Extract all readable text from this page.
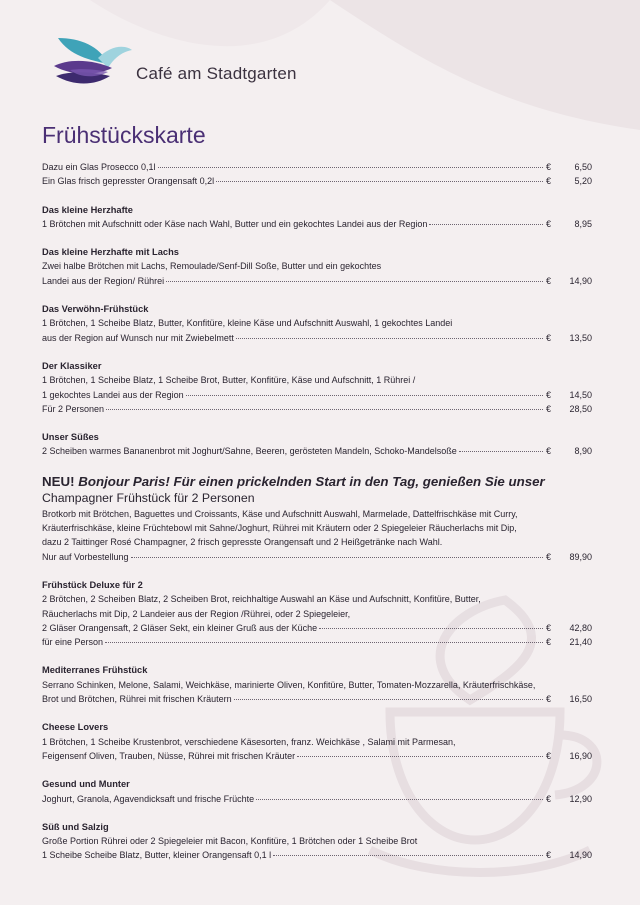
Café am Stadtgarten
Frühstückskarte
Dazu ein Glas Prosecco 0,1l	€	6,50
Ein Glas frisch gepresster Orangensaft 0,2l	€	5,20
Das kleine Herzhafte
1 Brötchen mit Aufschnitt oder Käse nach Wahl, Butter und ein gekochtes Landei aus der Region	€	8,95
Das kleine Herzhafte mit Lachs
Zwei halbe Brötchen mit Lachs, Remoulade/Senf-Dill Soße, Butter und ein gekochtes
Landei aus der Region/ Rührei	€	14,90
Das Verwöhn-Frühstück
1 Brötchen, 1 Scheibe Blatz, Butter, Konfitüre, kleine Käse und Aufschnitt Auswahl, 1 gekochtes Landei
aus der Region auf Wunsch nur mit Zwiebelmett	€	13,50
Der Klassiker
1 Brötchen, 1 Scheibe Blatz, 1 Scheibe Brot, Butter, Konfitüre, Käse und Aufschnitt, 1 Rührei /
1 gekochtes Landei aus der Region	€	14,50
Für 2 Personen	€	28,50
Unser Süßes
2 Scheiben warmes Bananenbrot mit Joghurt/Sahne, Beeren, gerösteten Mandeln, Schoko-Mandelsoße	€	8,90
NEU! Bonjour Paris! Für einen prickelnden Start in den Tag, genießen Sie unser
Champagner Frühstück für 2 Personen
Brotkorb mit Brötchen, Baguettes und Croissants, Käse und Aufschnitt Auswahl, Marmelade, Dattelfrischkäse mit Curry,
Kräuterfrischkäse, kleine Früchtebowl mit Sahne/Joghurt, Rührei mit Kräutern oder 2 Spiegeleier Räucherlachs mit Dip,
dazu 2 Taittinger Rosé Champagner, 2 frisch gepresste Orangensaft und 2 Heißgetränke nach Wahl.
Nur auf Vorbestellung	€	89,90
Frühstück Deluxe für 2
2 Brötchen, 2 Scheiben Blatz, 2 Scheiben Brot, reichhaltige Auswahl an Käse und Aufschnitt, Konfitüre, Butter,
Räucherlachs mit Dip, 2 Landeier aus der Region /Rührei, oder 2 Spiegeleier,
2 Gläser Orangensaft, 2 Gläser Sekt, ein kleiner Gruß aus der Küche	€	42,80
für eine Person	€	21,40
Mediterranes Frühstück
Serrano Schinken, Melone, Salami, Weichkäse, marinierte Oliven, Konfitüre, Butter, Tomaten-Mozzarella, Kräuterfrischkäse,
Brot und Brötchen, Rührei mit frischen Kräutern	€	16,50
Cheese Lovers
1 Brötchen, 1 Scheibe Krustenbrot, verschiedene Käsesorten, franz. Weichkäse , Salami mit Parmesan,
Feigensenf Oliven, Trauben, Nüsse, Rührei mit frischen Kräuter	€	16,90
Gesund und Munter
Joghurt, Granola, Agavendicksaft und frische Früchte	€	12,90
Süß und Salzig
Große Portion Rührei oder 2 Spiegeleier mit Bacon, Konfitüre, 1 Brötchen oder 1 Scheibe Brot
1 Scheibe Scheibe Blatz, Butter, kleiner Orangensaft 0,1 l	€	14,90
